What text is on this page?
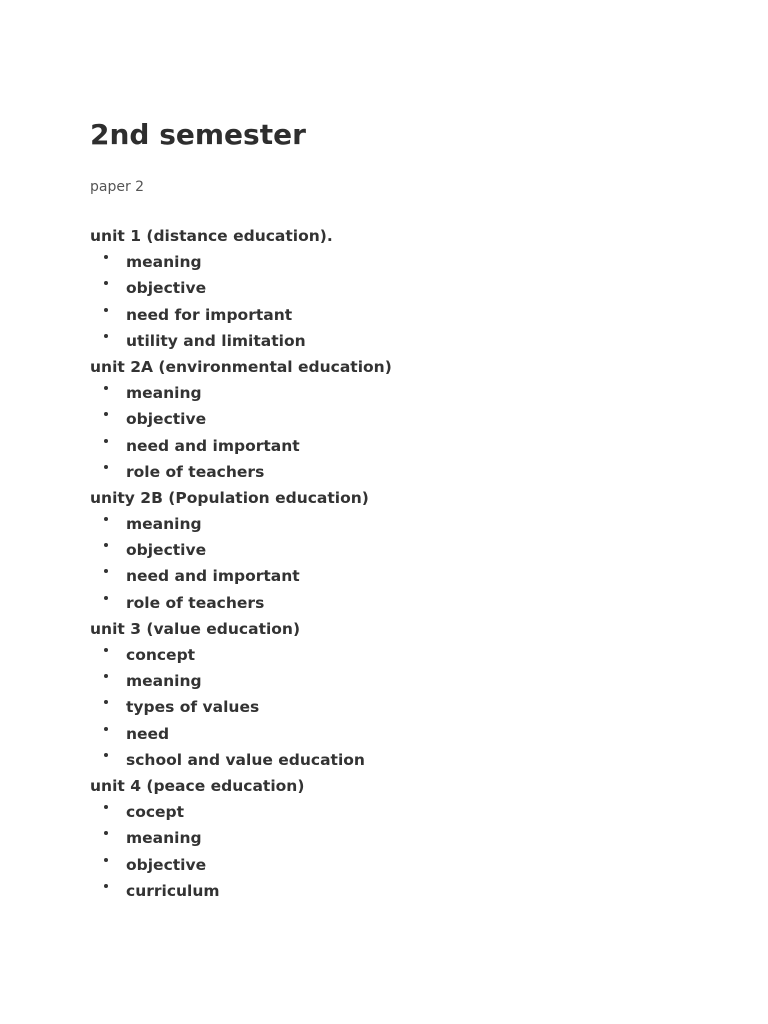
2nd semester

paper 2

unit 1 (distance education).
meaning
objective
need for important
utility and limitation
unit 2A (environmental education)
meaning
objective
need and important
role of teachers
unity 2B (Population education)
meaning
objective
need and important
role of teachers
unit 3 (value education)
concept
meaning
types of values
need
school and value education
unit 4 (peace education)
cocept
meaning
objective
curriculum
